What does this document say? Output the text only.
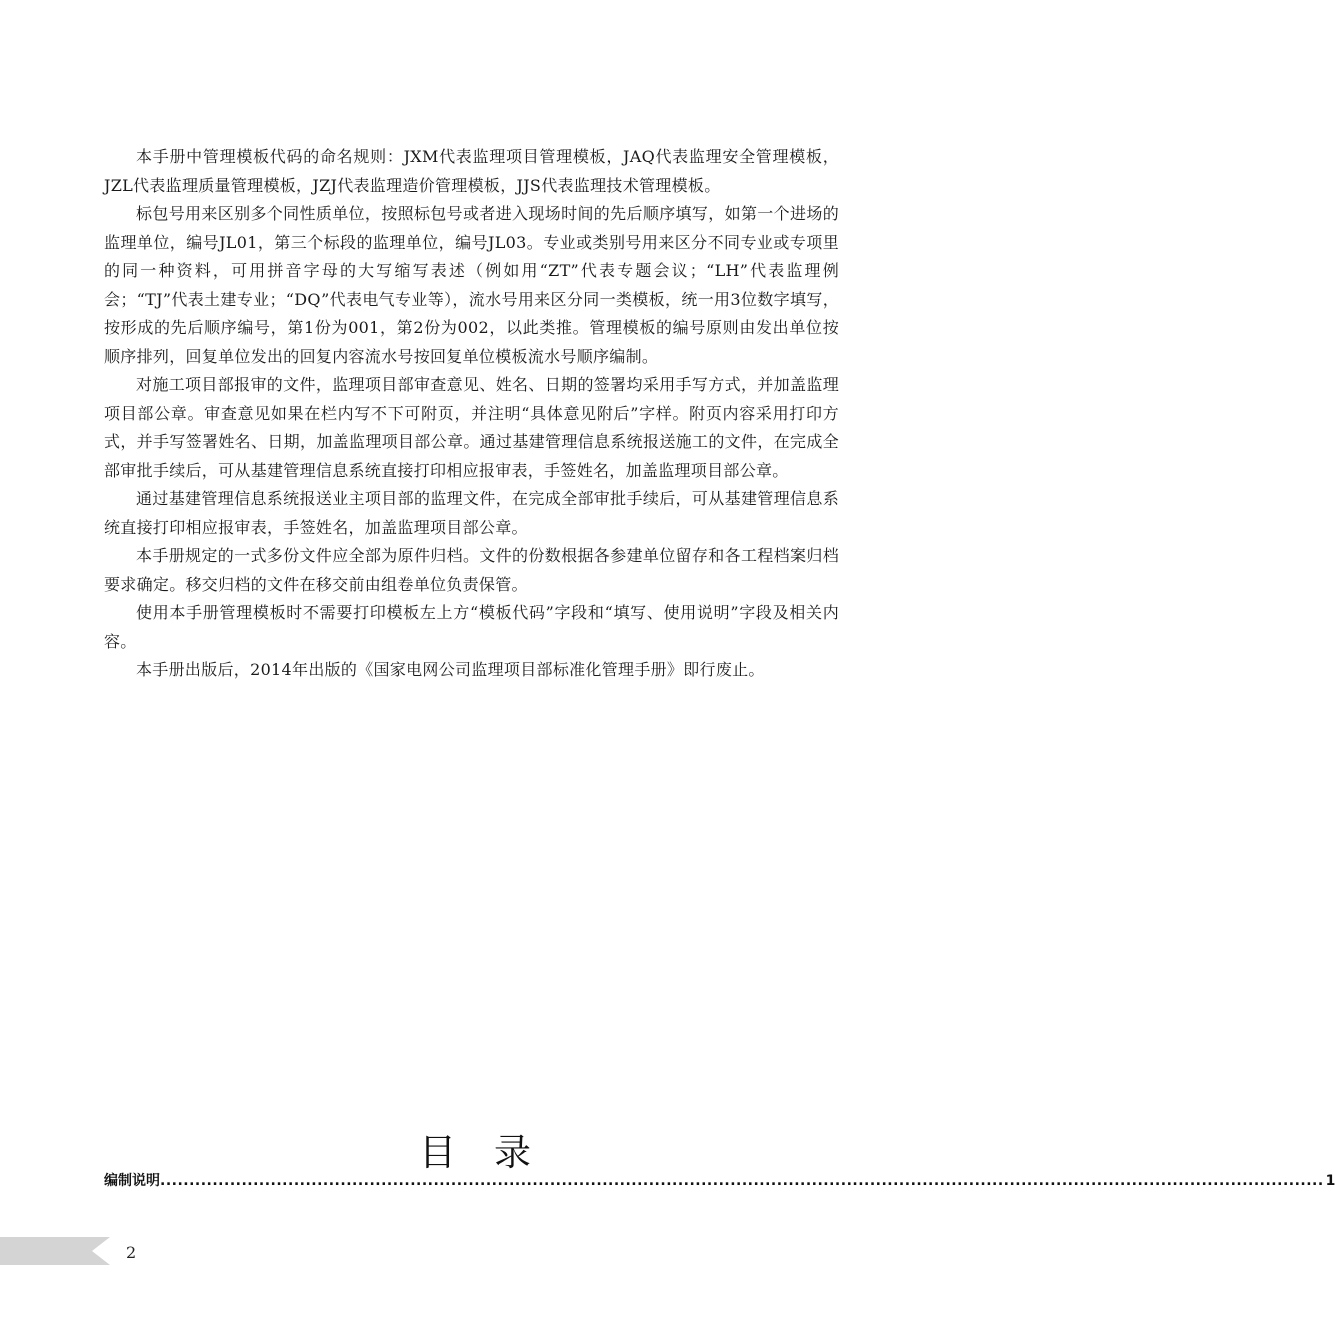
本手册中管理模板代码的命名规则：JXM代表监理项目管理模板，JAQ代表监理安全管理模板，JZL代表监理质量管理模板，JZJ代表监理造价管理模板，JJS代表监理技术管理模板。

标包号用来区别多个同性质单位，按照标包号或者进入现场时间的先后顺序填写，如第一个进场的监理单位，编号JL01，第三个标段的监理单位，编号JL03。专业或类别号用来区分不同专业或专项里的同一种资料，可用拼音字母的大写缩写表述（例如用“ZT”代表专题会议；“LH”代表监理例会；“TJ”代表土建专业；“DQ”代表电气专业等），流水号用来区分同一类模板，统一用3位数字填写，按形成的先后顺序编号，第1份为001，第2份为002，以此类推。管理模板的编号原则由发出单位按顺序排列，回复单位发出的回复内容流水号按回复单位模板流水号顺序编制。

对施工项目部报审的文件，监理项目部审查意见、姓名、日期的签署均采用手写方式，并加盖监理项目部公章。审查意见如果在栏内写不下可附页，并注明“具体意见附后”字样。附页内容采用打印方式，并手写签署姓名、日期，加盖监理项目部公章。通过基建管理信息系统报送施工的文件，在完成全部审批手续后，可从基建管理信息系统直接打印相应报审表，手签姓名，加盖监理项目部公章。

通过基建管理信息系统报送业主项目部的监理文件，在完成全部审批手续后，可从基建管理信息系统直接打印相应报审表，手签姓名，加盖监理项目部公章。

本手册规定的一式多份文件应全部为原件归档。文件的份数根据各参建单位留存和各工程档案归档要求确定。移交归档的文件在移交前由组卷单位负责保管。

使用本手册管理模板时不需要打印模板左上方“模板代码”字段和“填写、使用说明”字段及相关内容。

本手册出版后，2014年出版的《国家电网公司监理项目部标准化管理手册》即行废止。

目录
编制说明 ........................................................................................................................................................................................................ 1
2
